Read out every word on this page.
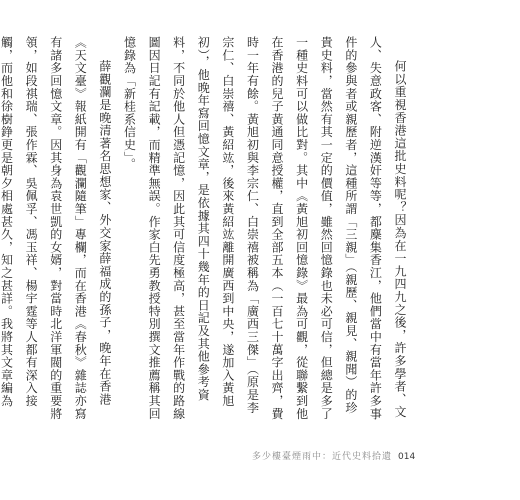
何以重視香港這批史料呢？因為在一九四九之後，許多學者、文人、失意政客、附逆漢奸等等，都麇集香江，他們當中有當年許多事件的參與者或親歷者，這種所謂「三親」（親歷、親見、親聞）的珍貴史料，當然有其一定的價值，雖然回憶錄也未必可信，但總是多了一種史料可以做比對。其中《黃旭初回憶錄》最為可觀，從聯繫到他在香港的兒子黃通同意授權，直到全部五本（一百七十萬字出齊，費時一年有餘。黃旭初與李宗仁、白崇禧被稱為「廣西三傑」（原是李宗仁、白崇禧、黃紹竑，後來黃紹竑離開廣西到中央，遂加入黃旭初），他晚年寫回憶文章，是依據其四十幾年的日記及其他參考資料，不同於他人但憑記憶，因此其可信度極高，甚至當年作戰的路線圖因日記有記載，而精準無誤。作家白先勇教授特別撰文推薦稱其回憶錄為「新桂系信史」。

薛觀瀾是晚清著名思想家、外交家薛福成的孫子，晚年在香港《天文臺》報紙開有「觀瀾隨筆」專欄，而在香港《春秋》雜誌亦寫有諸多回憶文章。因其身為袁世凱的女婿，對當時北洋軍閥的重要將領，如段祺瑞、張作霖、吳佩孚、馮玉祥、楊宇霆等人都有深入接觸，而他和徐樹錚更是朝夕相處甚久，知之甚詳。我將其文章編為

多少樓臺煙雨中：近代史料拾遺 014
